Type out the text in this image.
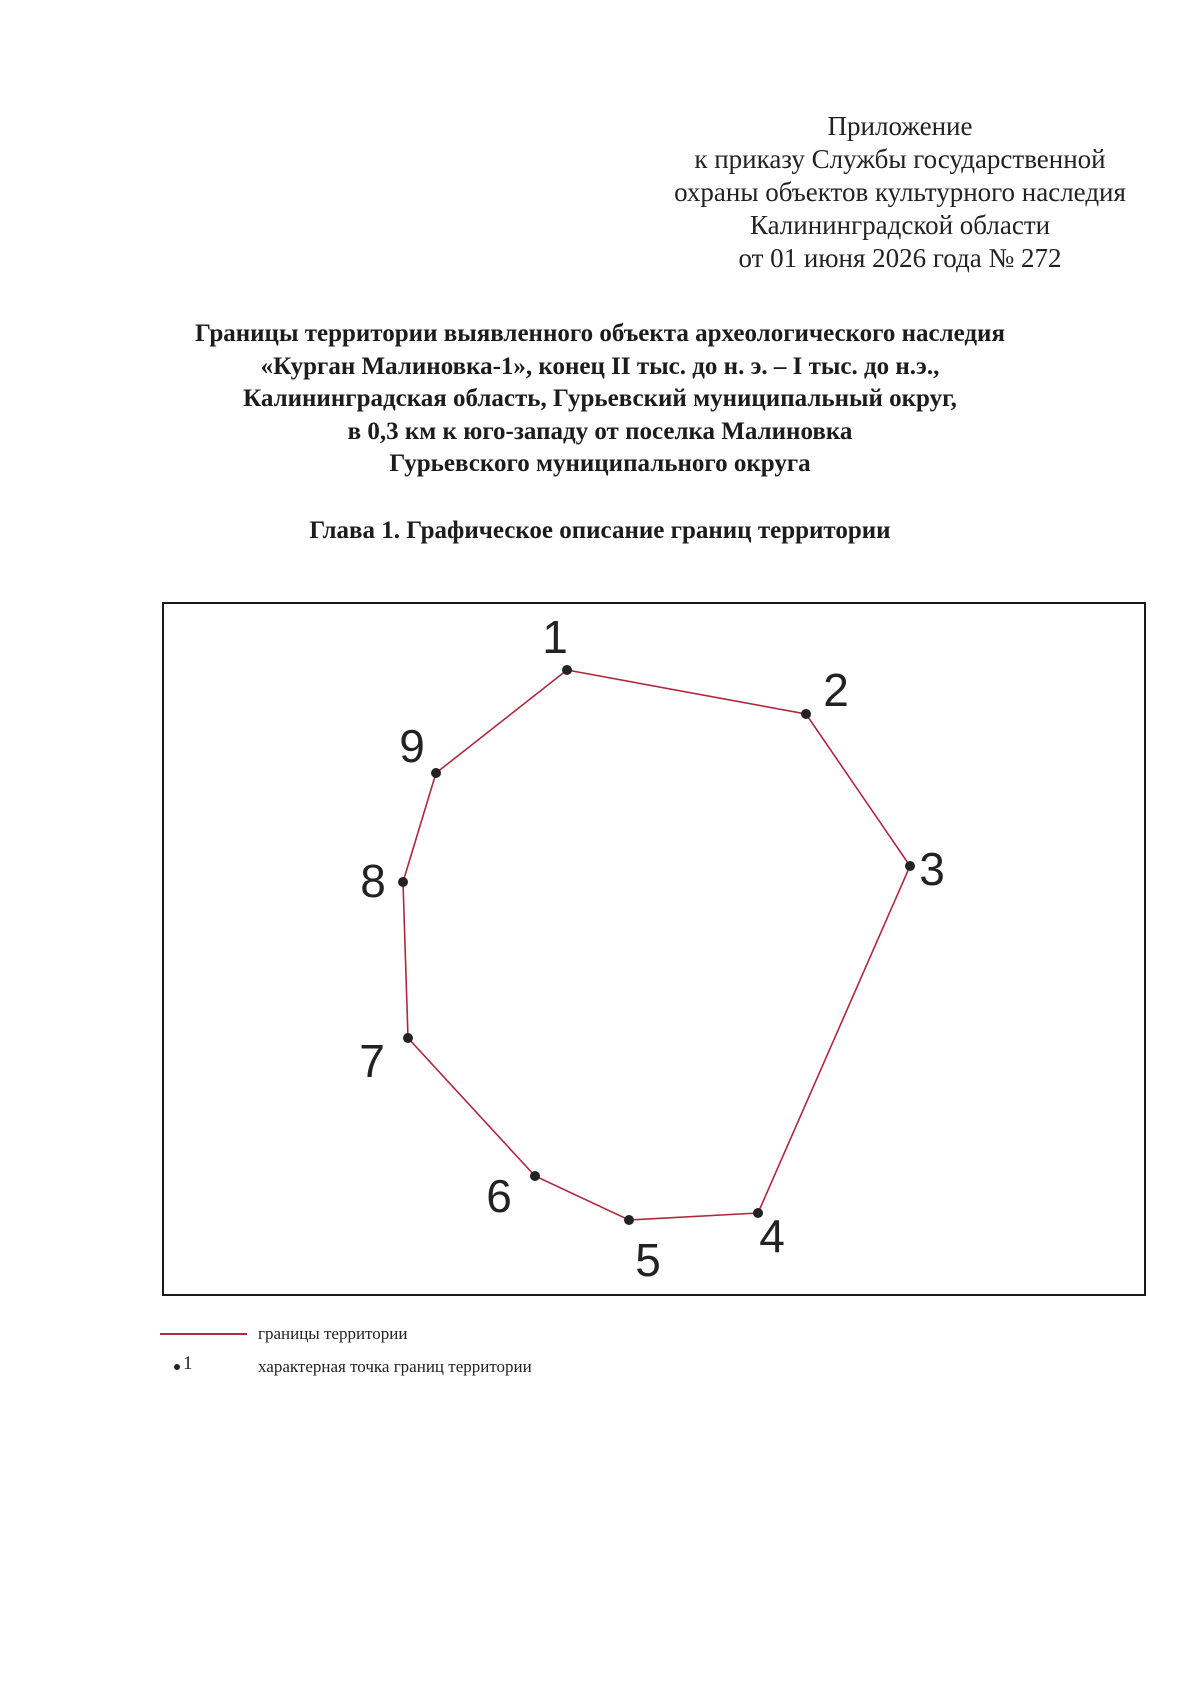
Приложение
к приказу Службы государственной
охраны объектов культурного наследия
Калининградской области
от 01 июня 2026 года № 272
Границы территории выявленного объекта археологического наследия
«Курган Малиновка-1», конец II тыс. до н. э. – I тыс. до н.э.,
Калининградская область, Гурьевский муниципальный округ,
в 0,3 км к юго-западу от поселка Малиновка
Гурьевского муниципального округа
Глава 1. Графическое описание границ территории
1
2
3
4
5
6
7
8
9
границы территории
1	характерная точка границ территории
